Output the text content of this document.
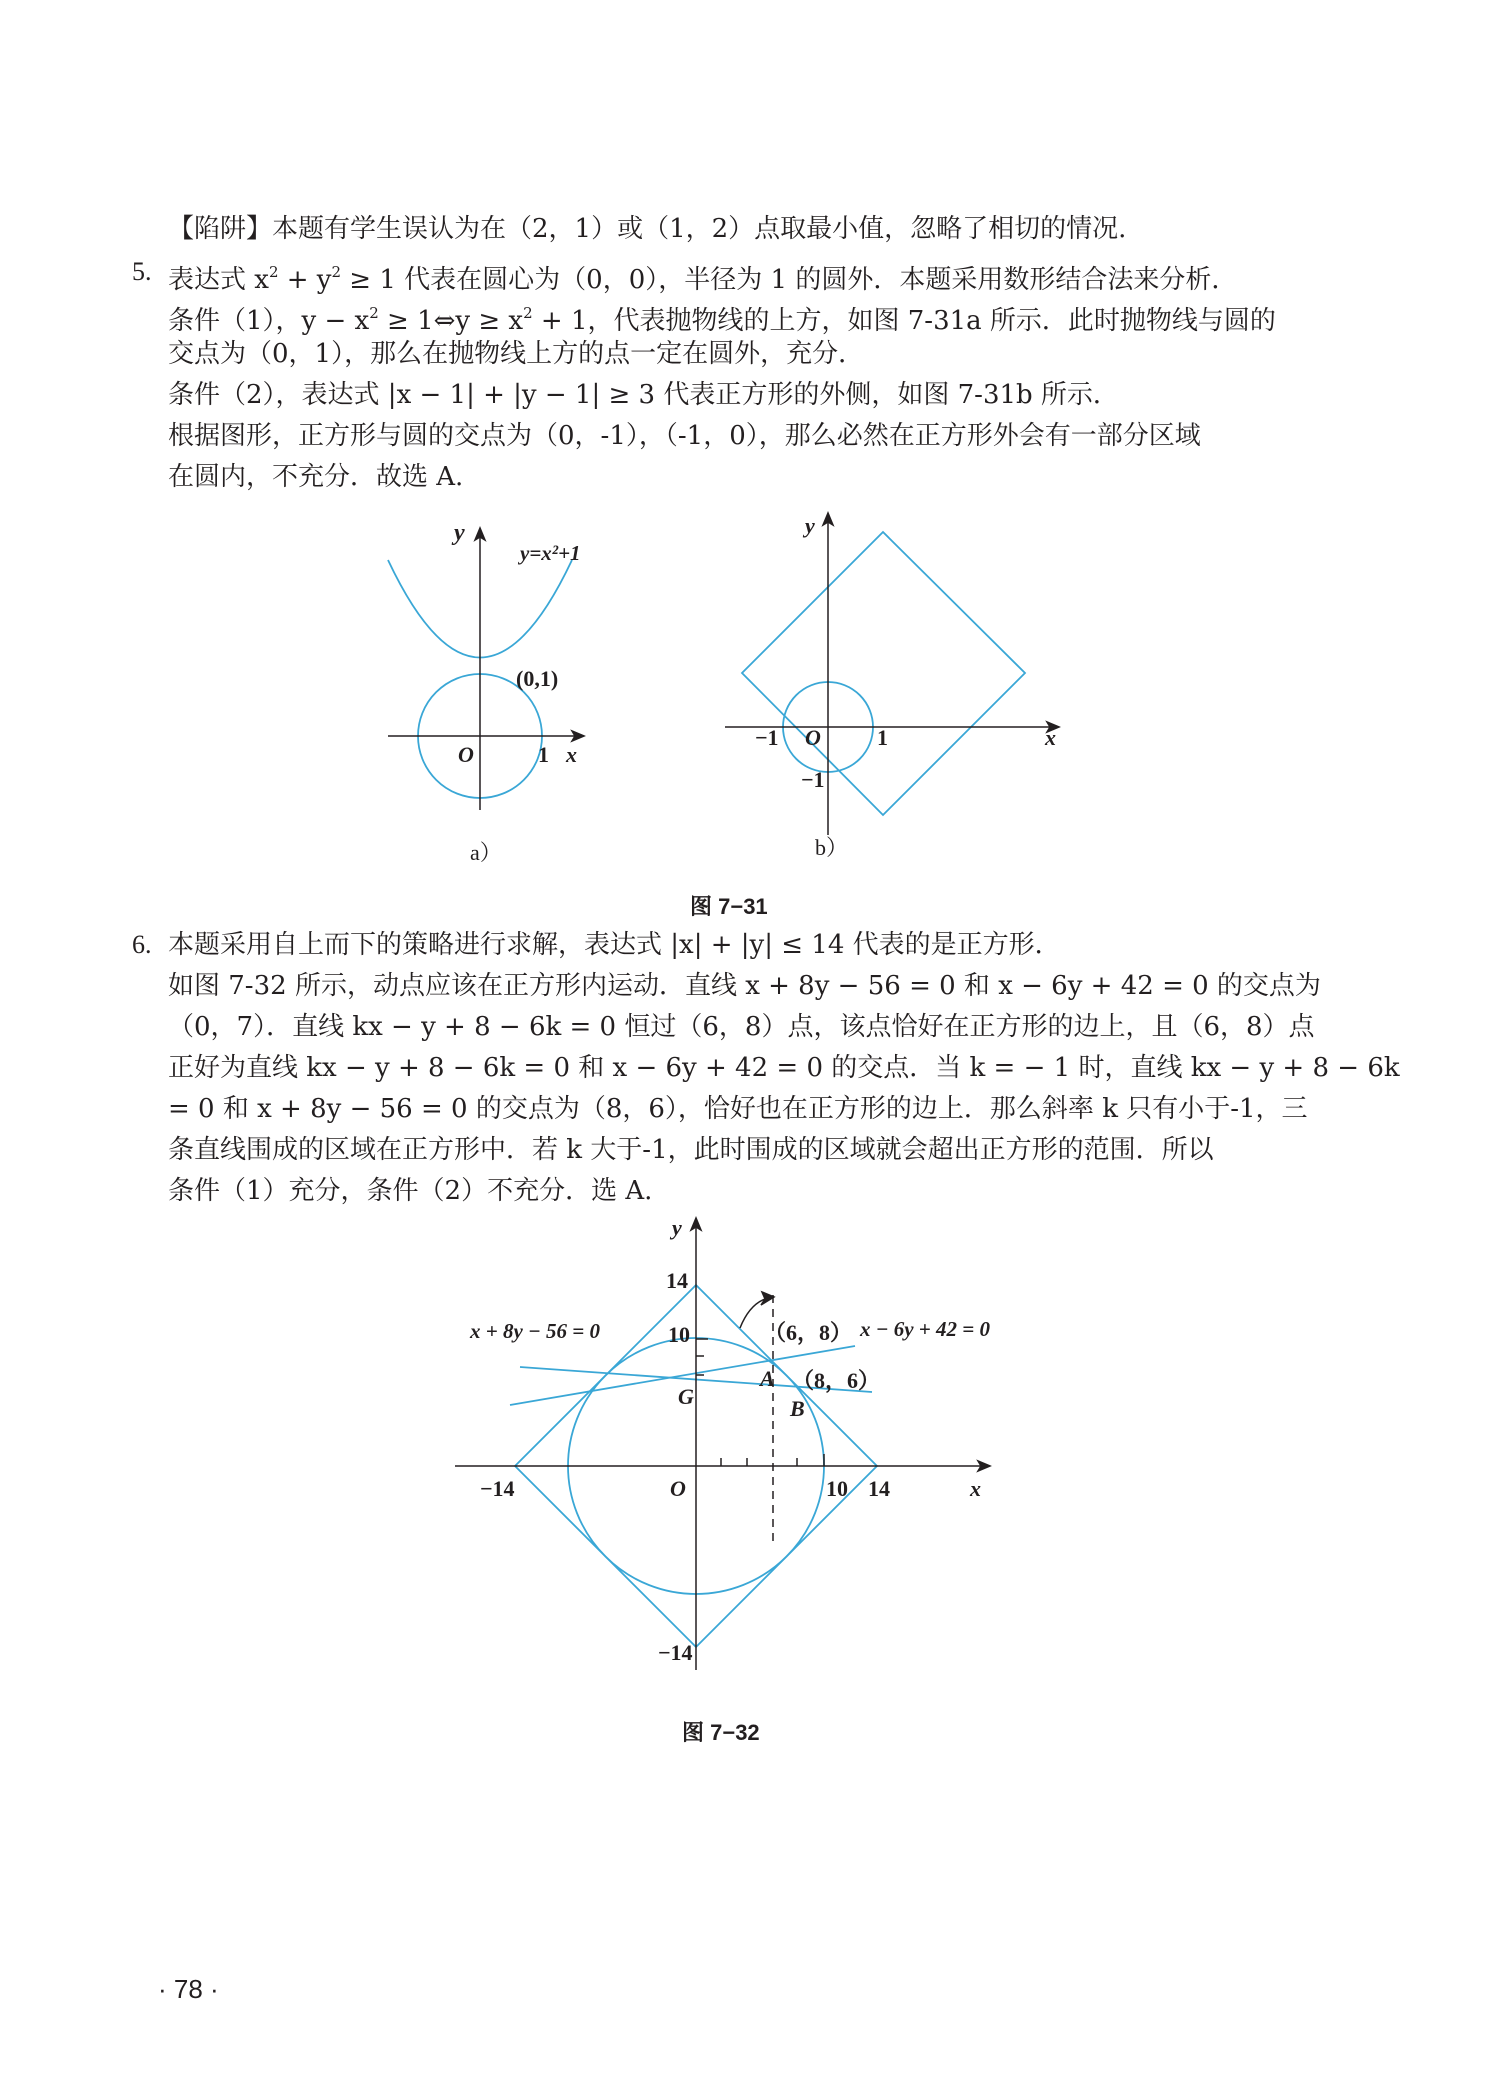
【陷阱】本题有学生误认为在（2，1）或（1，2）点取最小值，忽略了相切的情况.
5. 表达式 $x^2 + y^2 \ge 1$ 代表在圆心为（0，0），半径为 1 的圆外．本题采用数形结合法来分析．
条件（1），$y - x^2$ ≥ 1⇔y ≥ $x^2 + 1$，代表抛物线的上方，如图 7-31a 所示．此时抛物线与圆的
交点为（0，1），那么在抛物线上方的点一定在圆外，充分．
条件（2），表达式 |x − 1| + |y − 1| ≥ 3 代表正方形的外侧，如图 7-31b 所示．
根据图形，正方形与圆的交点为（0，-1），（-1，0），那么必然在正方形外会有一部分区域
在圆内，不充分．故选 A.
y
y=x²+1
(0,1)
O	1 x
a）
y
−1 O	1	x
−1
b）
图 7−31
6. 本题采用自上而下的策略进行求解，表达式 |x| + |y| ≤ 14 代表的是正方形．
如图 7-32 所示，动点应该在正方形内运动．直线 x + 8y − 56 = 0 和 x − 6y + 42 = 0 的交点为
（0，7）．直线 kx − y + 8 − 6k = 0 恒过（6，8）点，该点恰好在正方形的边上，且（6，8）点
正好为直线 kx − y + 8 − 6k = 0 和 x − 6y + 42 = 0 的交点．当 k = − 1 时，直线 kx − y + 8 − 6k
= 0 和 x + 8y − 56 = 0 的交点为（8，6），恰好也在正方形的边上．那么斜率 k 只有小于-1，三
条直线围成的区域在正方形中．若 k 大于-1，此时围成的区域就会超出正方形的范围．所以
条件（1）充分，条件（2）不充分．选 A.
y
14
10
x + 8y − 56 = 0	x − 6y + 42 = 0
（6，8）
（8，6）
A
B
G
−14	O	10 14	x
−14
图 7−32
· 78 ·
